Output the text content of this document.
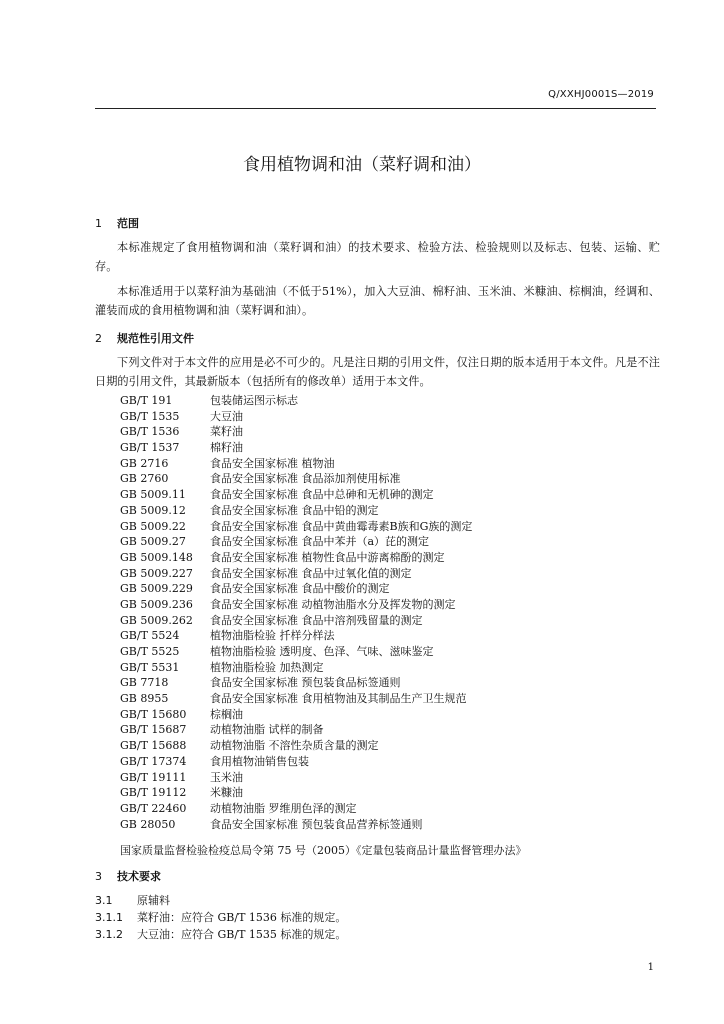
Q/XXHJ0001S—2019
食用植物调和油（菜籽调和油）
1 范围
本标准规定了食用植物调和油（菜籽调和油）的技术要求、检验方法、检验规则以及标志、包装、运输、贮存。
本标准适用于以菜籽油为基础油（不低于51%），加入大豆油、棉籽油、玉米油、米糠油、棕榈油，经调和、灌装而成的食用植物调和油（菜籽调和油）。
2 规范性引用文件
下列文件对于本文件的应用是必不可少的。凡是注日期的引用文件，仅注日期的版本适用于本文件。凡是不注日期的引用文件，其最新版本（包括所有的修改单）适用于本文件。
GB/T 191	包装储运图示标志
GB/T 1535	大豆油
GB/T 1536	菜籽油
GB/T 1537	棉籽油
GB 2716	食品安全国家标准 植物油
GB 2760	食品安全国家标准 食品添加剂使用标准
GB 5009.11 食品安全国家标准 食品中总砷和无机砷的测定
GB 5009.12 食品安全国家标准 食品中铅的测定
GB 5009.22 食品安全国家标准 食品中黄曲霉毒素B族和G族的测定
GB 5009.27 食品安全国家标准 食品中苯并（a）芘的测定
GB 5009.148 食品安全国家标准 植物性食品中游离棉酚的测定
GB 5009.227 食品安全国家标准 食品中过氧化值的测定
GB 5009.229 食品安全国家标准 食品中酸价的测定
GB 5009.236 食品安全国家标准 动植物油脂水分及挥发物的测定
GB 5009.262 食品安全国家标准 食品中溶剂残留量的测定
GB/T 5524	植物油脂检验 扦样分样法
GB/T 5525	植物油脂检验 透明度、色泽、气味、滋味鉴定
GB/T 5531	植物油脂检验 加热测定
GB 7718	食品安全国家标准 预包装食品标签通则
GB 8955	食品安全国家标准 食用植物油及其制品生产卫生规范
GB/T 15680 棕榈油
GB/T 15687 动植物油脂 试样的制备
GB/T 15688 动植物油脂 不溶性杂质含量的测定
GB/T 17374 食用植物油销售包装
GB/T 19111 玉米油
GB/T 19112 米糠油
GB/T 22460 动植物油脂 罗维朋色泽的测定
GB 28050	食品安全国家标准 预包装食品营养标签通则
国家质量监督检验检疫总局令第 75 号（2005）《定量包装商品计量监督管理办法》
3 技术要求
3.1 原辅料
3.1.1 菜籽油：应符合 GB/T 1536 标准的规定。
3.1.2 大豆油：应符合 GB/T 1535 标准的规定。
1
